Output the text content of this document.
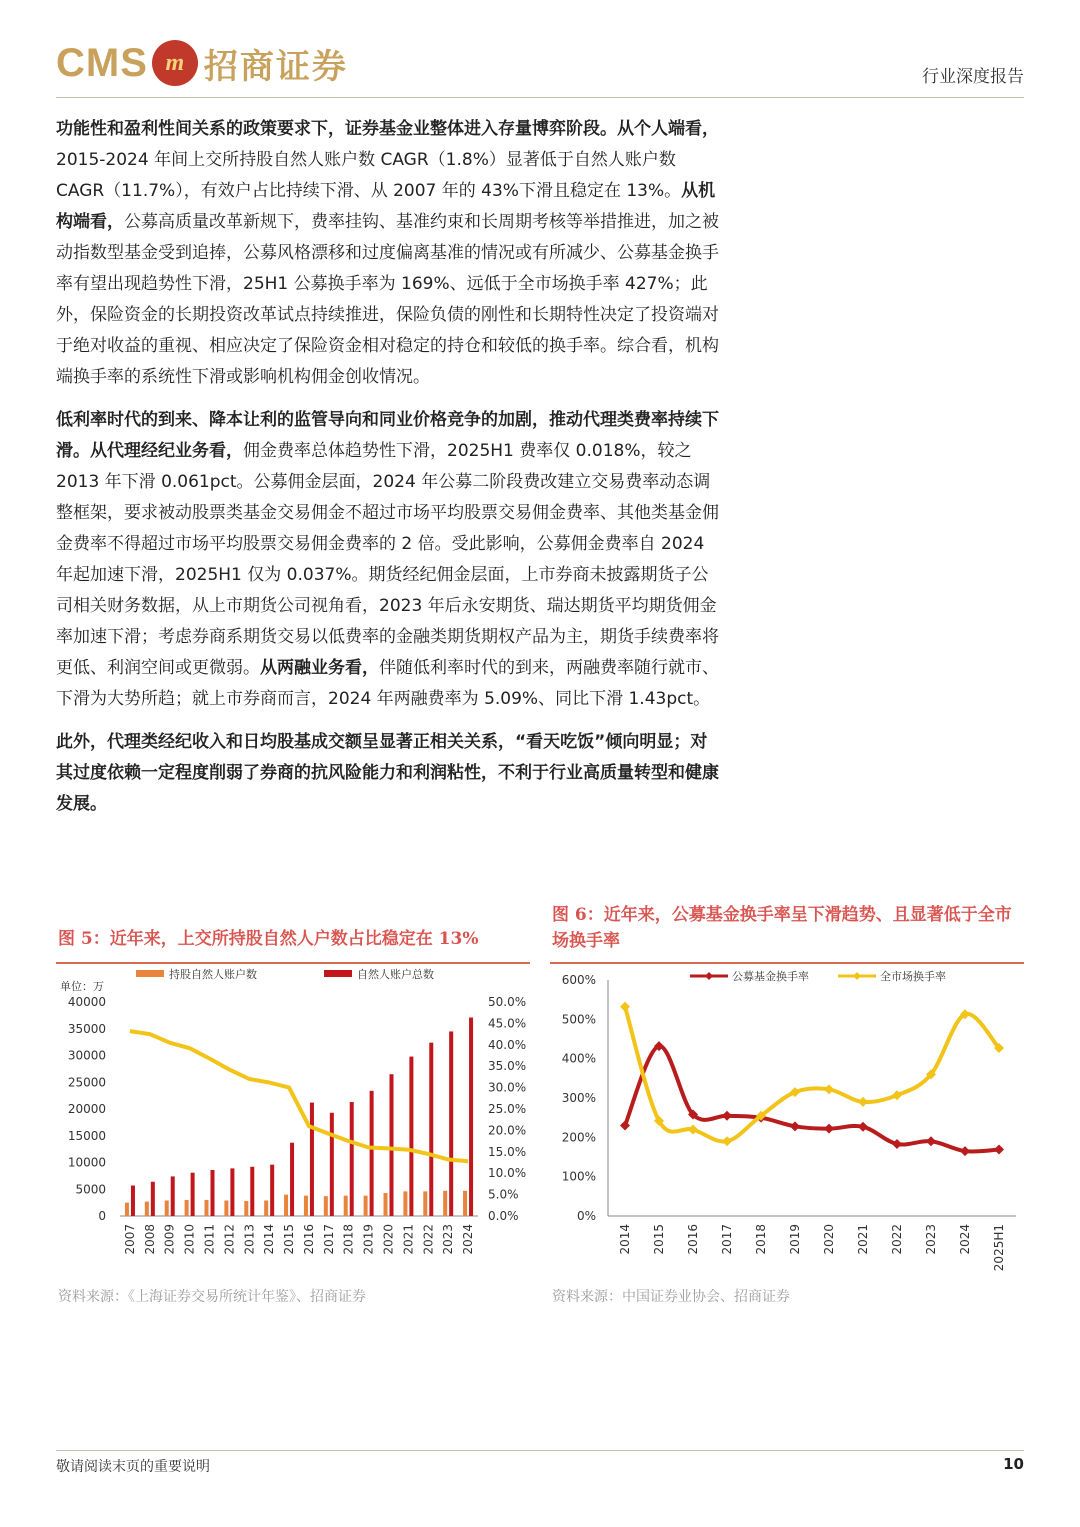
CMS m 招商证券	行业深度报告

功能性和盈利性间关系的政策要求下，证券基金业整体进入存量博弈阶段。从个人端看，2015-2024 年间上交所持股自然人账户数 CAGR（1.8%）显著低于自然人账户数 CAGR（11.7%），有效户占比持续下滑、从 2007 年的 43%下滑且稳定在 13%。从机构端看，公募高质量改革新规下，费率挂钩、基准约束和长周期考核等举措推进，加之被动指数型基金受到追捧，公募风格漂移和过度偏离基准的情况或有所减少、公募基金换手率有望出现趋势性下滑，25H1 公募换手率为 169%、远低于全市场换手率 427%；此外，保险资金的长期投资改革试点持续推进，保险负债的刚性和长期特性决定了投资端对于绝对收益的重视、相应决定了保险资金相对稳定的持仓和较低的换手率。综合看，机构端换手率的系统性下滑或影响机构佣金创收情况。

低利率时代的到来、降本让利的监管导向和同业价格竞争的加剧，推动代理类费率持续下滑。从代理经纪业务看，佣金费率总体趋势性下滑，2025H1 费率仅 0.018%，较之 2013 年下滑 0.061pct。公募佣金层面，2024 年公募二阶段费改建立交易费率动态调整框架，要求被动股票类基金交易佣金不超过市场平均股票交易佣金费率、其他类基金佣金费率不得超过市场平均股票交易佣金费率的 2 倍。受此影响，公募佣金费率自 2024 年起加速下滑，2025H1 仅为 0.037%。期货经纪佣金层面，上市券商未披露期货子公司相关财务数据，从上市期货公司视角看，2023 年后永安期货、瑞达期货平均期货佣金率加速下滑；考虑券商系期货交易以低费率的金融类期货期权产品为主，期货手续费率将更低、利润空间或更微弱。从两融业务看，伴随低利率时代的到来，两融费率随行就市、下滑为大势所趋；就上市券商而言，2024 年两融费率为 5.09%、同比下滑 1.43pct。

此外，代理类经纪收入和日均股基成交额呈显著正相关关系，“看天吃饭”倾向明显；对其过度依赖一定程度削弱了券商的抗风险能力和利润粘性，不利于行业高质量转型和健康发展。

图 5：近年来，上交所持股自然人户数占比稳定在 13%
持股自然人账户数	自然人账户总数
单位：万
0
5000
10000
15000
20000
25000
30000
35000
40000
0.0%
5.0%
10.0%
15.0%
20.0%
25.0%
30.0%
35.0%
40.0%
45.0%
50.0%
2007 2008 2009 2010 2011 2012 2013 2014 2015 2016 2017 2018 2019 2020 2021 2022 2023 2024
资料来源：《上海证券交易所统计年鉴》、招商证券
图 6：近年来，公募基金换手率呈下滑趋势、且显著低于全市场换手率
公募基金换手率	全市场换手率
0%
100%
200%
300%
400%
500%
600%
2014 2015 2016 2017 2018 2019 2020 2021 2022 2023 2024 2025H1
资料来源：中国证券业协会、招商证券
敬请阅读末页的重要说明	10
